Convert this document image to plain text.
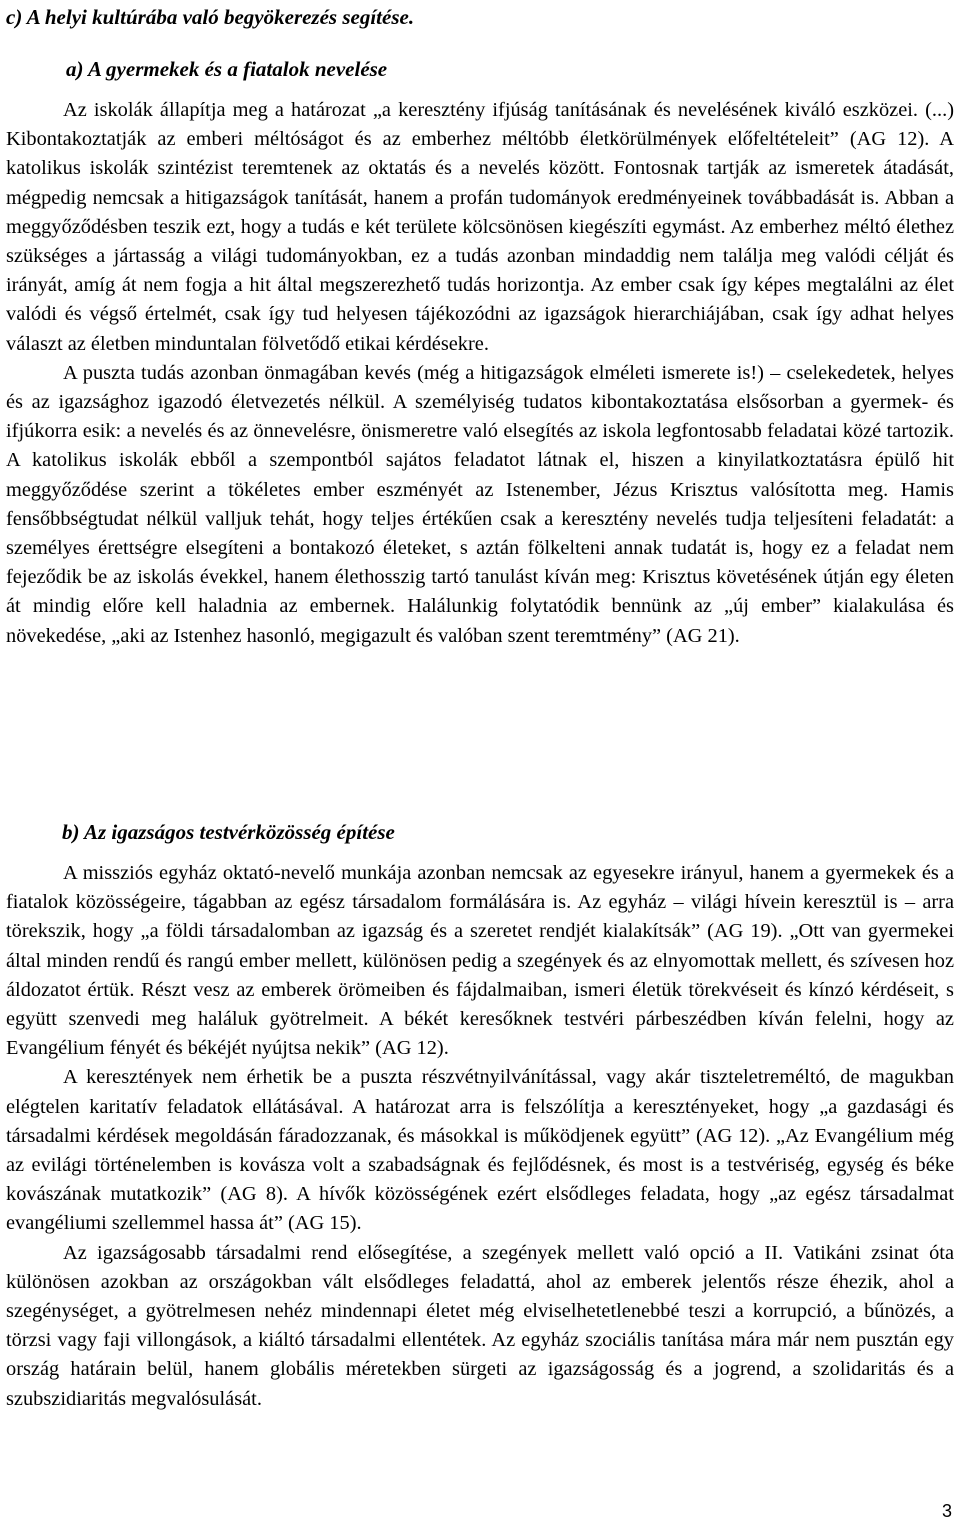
c) A helyi kultúrába való begyökerezés segítése.
a) A gyermekek és a fiatalok nevelése

Az iskolák állapítja meg a határozat „a keresztény ifjúság tanításának és nevelésének kiváló eszközei. (...) Kibontakoztatják az emberi méltóságot és az emberhez méltóbb életkörülmények előfeltételeit” (AG 12). A katolikus iskolák szintézist teremtenek az oktatás és a nevelés között. Fontosnak tartják az ismeretek átadását, mégpedig nemcsak a hitigazságok tanítását, hanem a profán tudományok eredményeinek továbbadását is. Abban a meggyőződésben teszik ezt, hogy a tudás e két területe kölcsönösen kiegészíti egymást. Az emberhez méltó élethez szükséges a jártasság a világi tudományokban, ez a tudás azonban mindaddig nem találja meg valódi célját és irányát, amíg át nem fogja a hit által megszerezhető tudás horizontja. Az ember csak így képes megtalálni az élet valódi és végső értelmét, csak így tud helyesen tájékozódni az igazságok hierarchiájában, csak így adhat helyes választ az életben minduntalan fölvetődő etikai kérdésekre.

A puszta tudás azonban önmagában kevés (még a hitigazságok elméleti ismerete is!) – cselekedetek, helyes és az igazsághoz igazodó életvezetés nélkül. A személyiség tudatos kibontakoztatása elsősorban a gyermek- és ifjúkorra esik: a nevelés és az önnevelésre, önismeretre való elsegítés az iskola legfontosabb feladatai közé tartozik. A katolikus iskolák ebből a szempontból sajátos feladatot látnak el, hiszen a kinyilatkoztatásra épülő hit meggyőződése szerint a tökéletes ember eszményét az Istenember, Jézus Krisztus valósította meg. Hamis fensőbbségtudat nélkül valljuk tehát, hogy teljes értékűen csak a keresztény nevelés tudja teljesíteni feladatát: a személyes érettségre elsegíteni a bontakozó életeket, s aztán fölkelteni annak tudatát is, hogy ez a feladat nem fejeződik be az iskolás évekkel, hanem élethosszig tartó tanulást kíván meg: Krisztus követésének útján egy életen át mindig előre kell haladnia az embernek. Halálunkig folytatódik bennünk az „új ember” kialakulása és növekedése, „aki az Istenhez hasonló, megigazult és valóban szent teremtmény” (AG 21).

b) Az igazságos testvérközösség építése

A missziós egyház oktató-nevelő munkája azonban nemcsak az egyesekre irányul, hanem a gyermekek és a fiatalok közösségeire, tágabban az egész társadalom formálására is. Az egyház – világi hívein keresztül is – arra törekszik, hogy „a földi társadalomban az igazság és a szeretet rendjét kialakítsák” (AG 19). „Ott van gyermekei által minden rendű és rangú ember mellett, különösen pedig a szegények és az elnyomottak mellett, és szívesen hoz áldozatot értük. Részt vesz az emberek örömeiben és fájdalmaiban, ismeri életük törekvéseit és kínzó kérdéseit, s együtt szenvedi meg haláluk gyötrelmeit. A békét keresőknek testvéri párbeszédben kíván felelni, hogy az Evangélium fényét és békéjét nyújtsa nekik” (AG 12).

A keresztények nem érhetik be a puszta részvétnyilvánítással, vagy akár tiszteletreméltó, de magukban elégtelen karitatív feladatok ellátásával. A határozat arra is felszólítja a keresztényeket, hogy „a gazdasági és társadalmi kérdések megoldásán fáradozzanak, és másokkal is működjenek együtt” (AG 12). „Az Evangélium még az evilági történelemben is kovásza volt a szabadságnak és fejlődésnek, és most is a testvériség, egység és béke kovászának mutatkozik” (AG 8). A hívők közösségének ezért elsődleges feladata, hogy „az egész társadalmat evangéliumi szellemmel hassa át” (AG 15).

Az igazságosabb társadalmi rend elősegítése, a szegények mellett való opció a II. Vatikáni zsinat óta különösen azokban az országokban vált elsődleges feladattá, ahol az emberek jelentős része éhezik, ahol a szegénységet, a gyötrelmesen nehéz mindennapi életet még elviselhetetlenebbé teszi a korrupció, a bűnözés, a törzsi vagy faji villongások, a kiáltó társadalmi ellentétek. Az egyház szociális tanítása mára már nem pusztán egy ország határain belül, hanem globális méretekben sürgeti az igazságosság és a jogrend, a szolidaritás és a szubszidiaritás megvalósulását.

3
